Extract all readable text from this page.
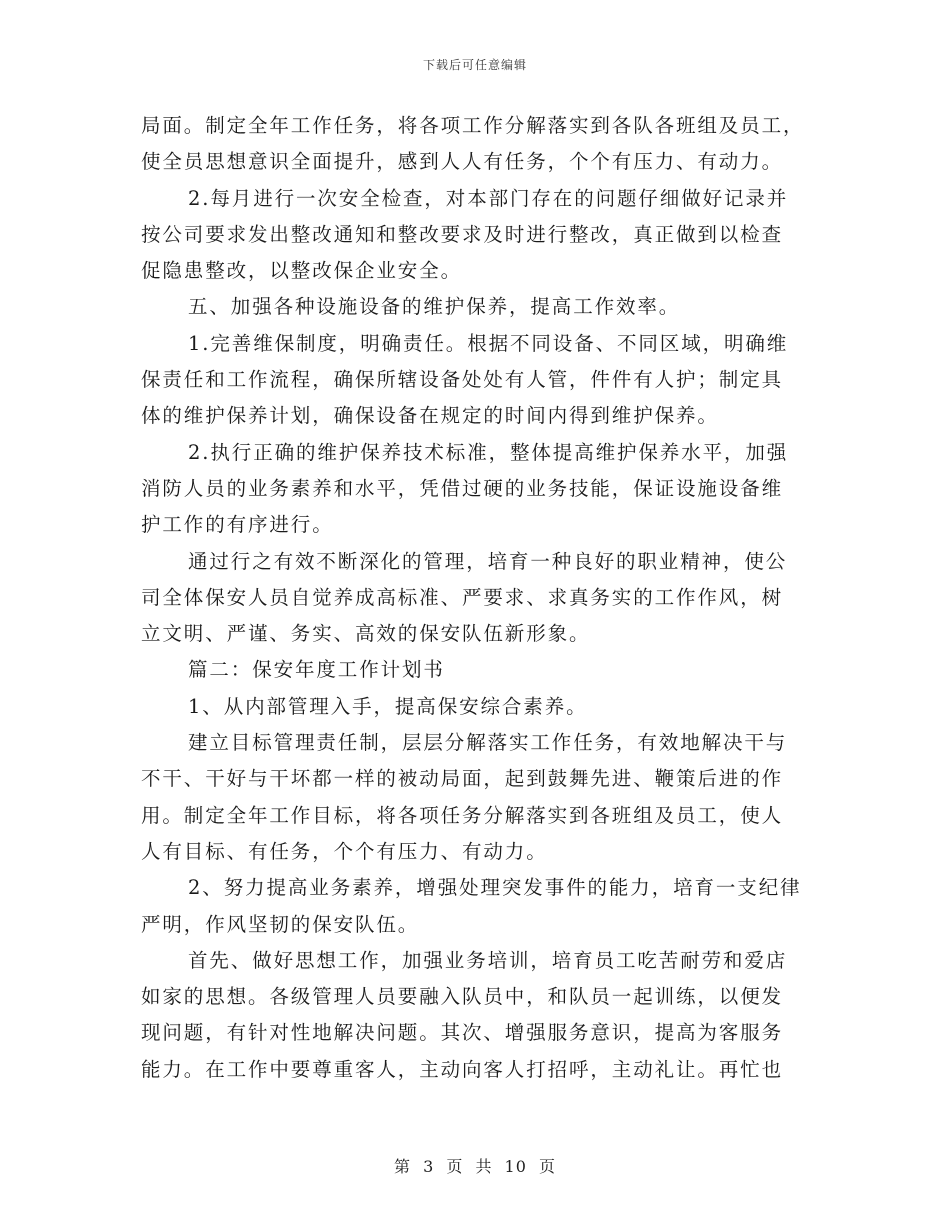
下载后可任意编辑
局面。制定全年工作任务，将各项工作分解落实到各队各班组及员工，
使全员思想意识全面提升，感到人人有任务，个个有压力、有动力。
2.每月进行一次安全检查，对本部门存在的问题仔细做好记录并
按公司要求发出整改通知和整改要求及时进行整改，真正做到以检查
促隐患整改，以整改保企业安全。
五、加强各种设施设备的维护保养，提高工作效率。
1.完善维保制度，明确责任。根据不同设备、不同区域，明确维
保责任和工作流程，确保所辖设备处处有人管，件件有人护；制定具
体的维护保养计划，确保设备在规定的时间内得到维护保养。
2.执行正确的维护保养技术标准，整体提高维护保养水平，加强
消防人员的业务素养和水平，凭借过硬的业务技能，保证设施设备维
护工作的有序进行。
通过行之有效不断深化的管理，培育一种良好的职业精神，使公
司全体保安人员自觉养成高标准、严要求、求真务实的工作作风，树
立文明、严谨、务实、高效的保安队伍新形象。
篇二：保安年度工作计划书
1、从内部管理入手，提高保安综合素养。
建立目标管理责任制，层层分解落实工作任务，有效地解决干与
不干、干好与干坏都一样的被动局面，起到鼓舞先进、鞭策后进的作
用。制定全年工作目标，将各项任务分解落实到各班组及员工，使人
人有目标、有任务，个个有压力、有动力。
2、努力提高业务素养，增强处理突发事件的能力，培育一支纪律
严明，作风坚韧的保安队伍。
首先、做好思想工作，加强业务培训，培育员工吃苦耐劳和爱店
如家的思想。各级管理人员要融入队员中，和队员一起训练，以便发
现问题，有针对性地解决问题。其次、增强服务意识，提高为客服务
能力。在工作中要尊重客人，主动向客人打招呼，主动礼让。再忙也
第 3 页 共 10 页
